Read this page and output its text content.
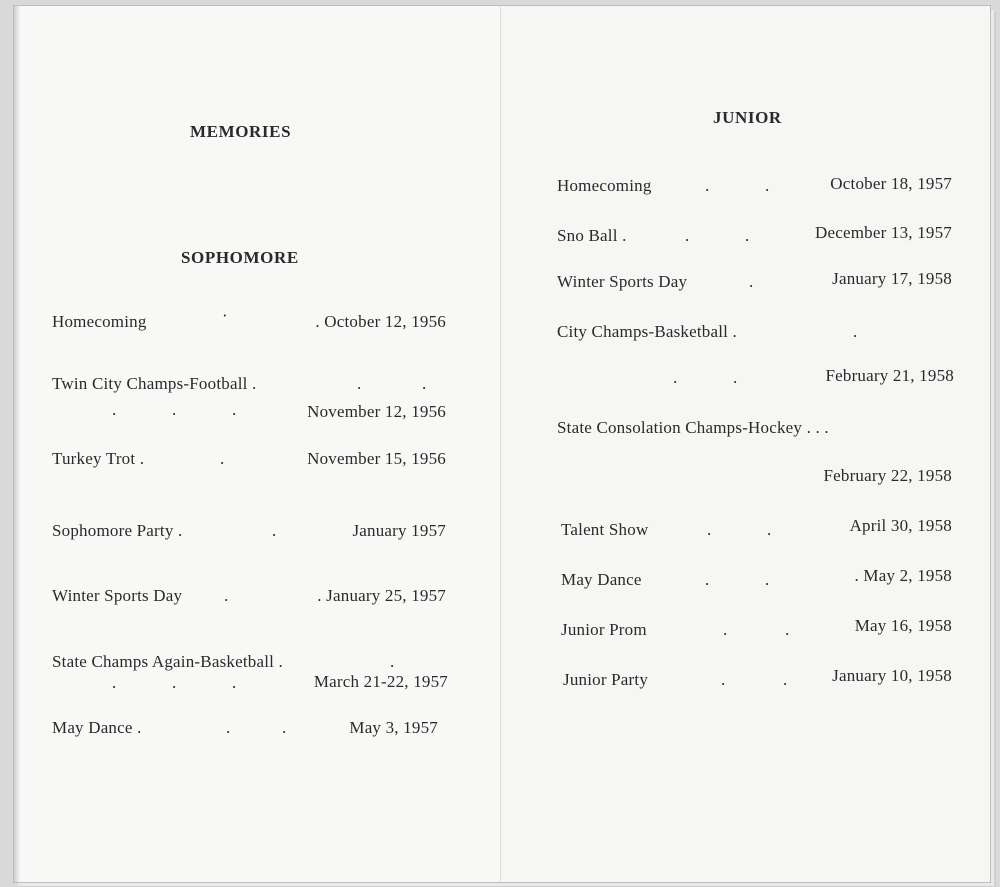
MEMORIES
SOPHOMORE
Homecoming	·	. October 12, 1956
Twin City Champs-Football .	.	.
.	.	.	November 12, 1956
Turkey Trot .	.	November 15, 1956
Sophomore Party .	.	January 1957
Winter Sports Day .	. January 25, 1957
State Champs Again-Basketball .	.
.	.	.	March 21-22, 1957
May Dance .	.	.	May 3, 1957
JUNIOR
Homecoming	.	.	October 18, 1957
Sno Ball .	.	.	December 13, 1957
Winter Sports Day	.	January 17, 1958
City Champs-Basketball .	.
.	.	February 21, 1958
State Consolation Champs-Hockey . . .
February 22, 1958
Talent Show	.	.	April 30, 1958
May Dance	.	.	. May 2, 1958
Junior Prom	.	.	May 16, 1958
Junior Party	.	.	January 10, 1958
